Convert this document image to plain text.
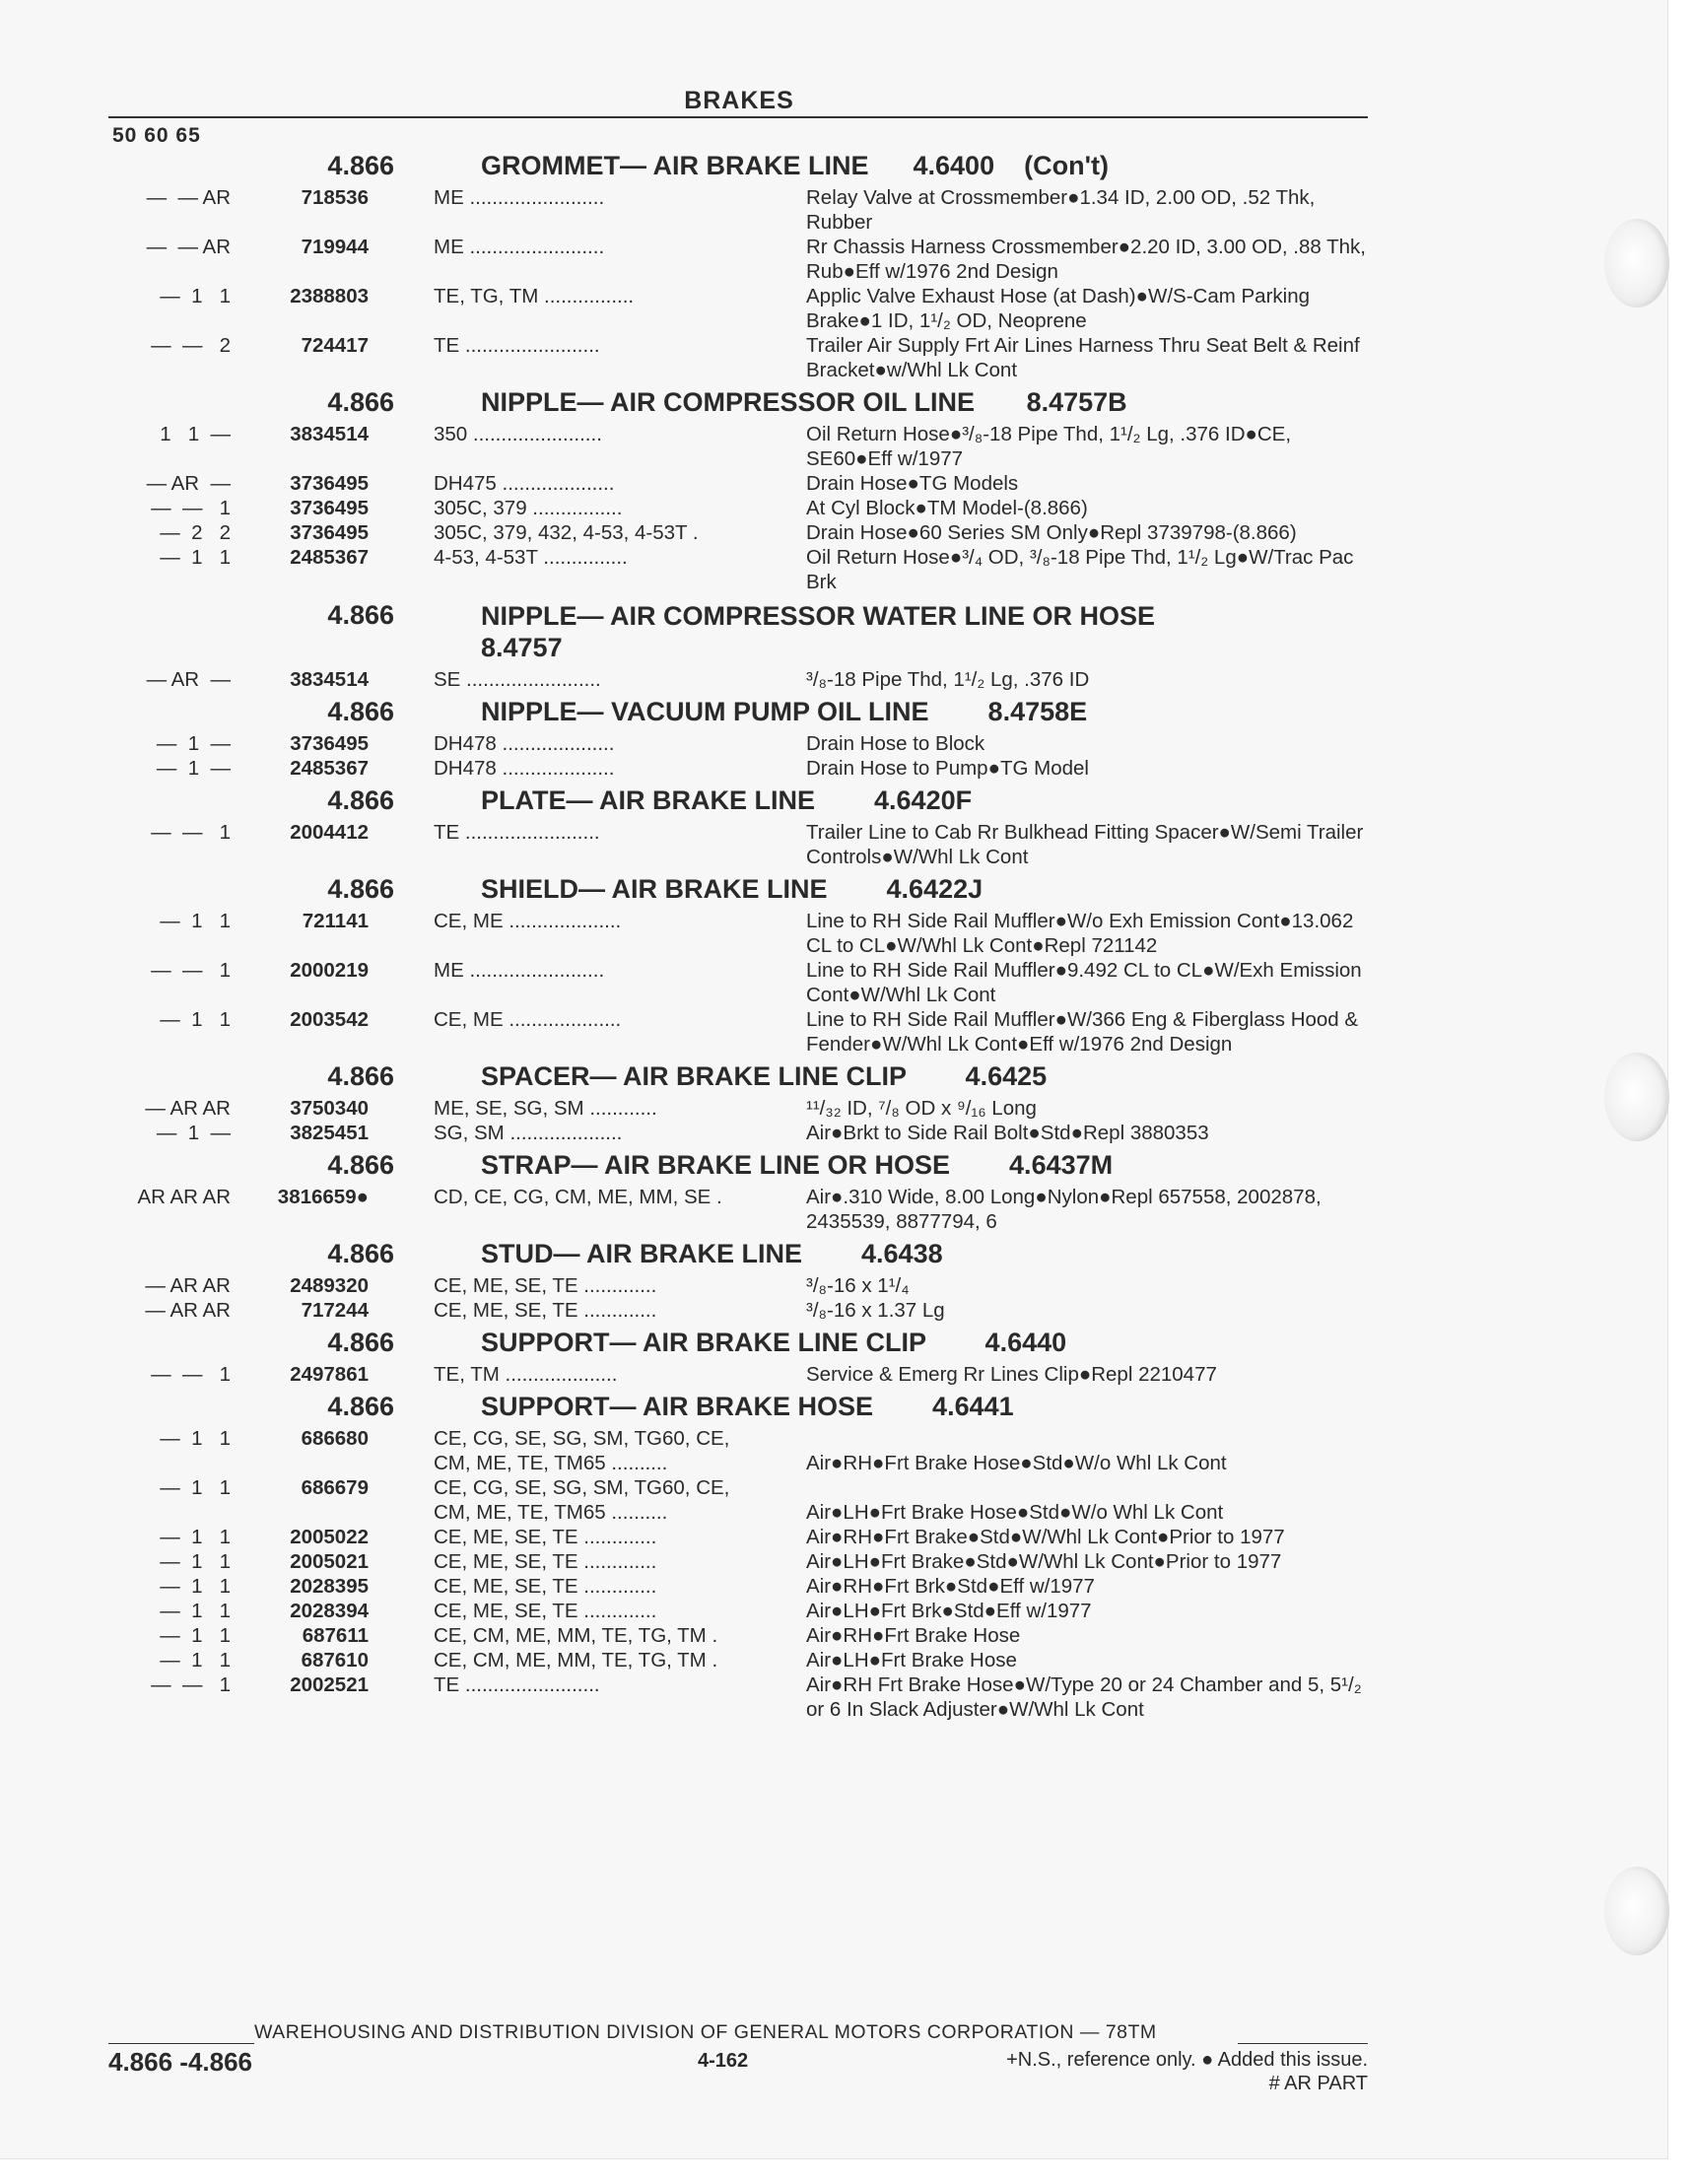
BRAKES
50 60 65
4.866	GROMMET— AIR BRAKE LINE      4.6400    (Con't)
—  — AR	718536	ME ........................	Relay Valve at Crossmember●1.34 ID, 2.00 OD, .52 Thk, Rubber
—  — AR	719944	ME ........................	Rr Chassis Harness Crossmember●2.20 ID, 3.00 OD, .88 Thk, Rub●Eff w/1976 2nd Design
—  1   1	2388803	TE, TG, TM ................	Applic Valve Exhaust Hose (at Dash)●W/S-Cam Parking Brake●1 ID, 1¹/₂ OD, Neoprene
—  —   2	724417	TE ........................	Trailer Air Supply Frt Air Lines Harness Thru Seat Belt & Reinf Bracket●w/Whl Lk Cont
4.866	NIPPLE— AIR COMPRESSOR OIL LINE       8.4757B
1   1  —	3834514	350 .......................	Oil Return Hose●³/₈-18 Pipe Thd, 1¹/₂ Lg, .376 ID●CE, SE60●Eff w/1977
— AR  —	3736495	DH475 ....................	Drain Hose●TG Models
—  —   1	3736495	305C, 379 ................	At Cyl Block●TM Model-(8.866)
—  2   2	3736495	305C, 379, 432, 4-53, 4-53T .	Drain Hose●60 Series SM Only●Repl 3739798-(8.866)
—  1   1	2485367	4-53, 4-53T ...............	Oil Return Hose●³/₄ OD, ³/₈-18 Pipe Thd, 1¹/₂ Lg●W/Trac Pac Brk
4.866	NIPPLE— AIR COMPRESSOR WATER LINE OR HOSE 8.4757
— AR  —	3834514	SE ........................	³/₈-18 Pipe Thd, 1¹/₂ Lg, .376 ID
4.866	NIPPLE— VACUUM PUMP OIL LINE        8.4758E
—  1  —	3736495	DH478 ....................	Drain Hose to Block
—  1  —	2485367	DH478 ....................	Drain Hose to Pump●TG Model
4.866	PLATE— AIR BRAKE LINE        4.6420F
—  —   1	2004412	TE ........................	Trailer Line to Cab Rr Bulkhead Fitting Spacer●W/Semi Trailer Controls●W/Whl Lk Cont
4.866	SHIELD— AIR BRAKE LINE        4.6422J
—  1   1	721141	CE, ME ....................	Line to RH Side Rail Muffler●W/o Exh Emission Cont●13.062 CL to CL●W/Whl Lk Cont●Repl 721142
—  —   1	2000219	ME ........................	Line to RH Side Rail Muffler●9.492 CL to CL●W/Exh Emission Cont●W/Whl Lk Cont
—  1   1	2003542	CE, ME ....................	Line to RH Side Rail Muffler●W/366 Eng & Fiberglass Hood & Fender●W/Whl Lk Cont●Eff w/1976 2nd Design
4.866	SPACER— AIR BRAKE LINE CLIP        4.6425
— AR AR	3750340	ME, SE, SG, SM ............	¹¹/₃₂ ID, ⁷/₈ OD x ⁹/₁₆ Long
—  1  —	3825451	SG, SM ....................	Air●Brkt to Side Rail Bolt●Std●Repl 3880353
4.866	STRAP— AIR BRAKE LINE OR HOSE        4.6437M
AR AR AR	3816659●	CD, CE, CG, CM, ME, MM, SE .	Air●.310 Wide, 8.00 Long●Nylon●Repl 657558, 2002878, 2435539, 8877794, 6
4.866	STUD— AIR BRAKE LINE        4.6438
— AR AR	2489320	CE, ME, SE, TE .............	³/₈-16 x 1¹/₄
— AR AR	717244	CE, ME, SE, TE .............	³/₈-16 x 1.37 Lg
4.866	SUPPORT— AIR BRAKE LINE CLIP        4.6440
—  —   1	2497861	TE, TM ....................	Service & Emerg Rr Lines Clip●Repl 2210477
4.866	SUPPORT— AIR BRAKE HOSE        4.6441
—  1   1	686680	CE, CG, SE, SG, SM, TG60, CE,
CM, ME, TE, TM65 ..........	
Air●RH●Frt Brake Hose●Std●W/o Whl Lk Cont
—  1   1	686679	CE, CG, SE, SG, SM, TG60, CE,
CM, ME, TE, TM65 ..........	
Air●LH●Frt Brake Hose●Std●W/o Whl Lk Cont
—  1   1	2005022	CE, ME, SE, TE .............	Air●RH●Frt Brake●Std●W/Whl Lk Cont●Prior to 1977
—  1   1	2005021	CE, ME, SE, TE .............	Air●LH●Frt Brake●Std●W/Whl Lk Cont●Prior to 1977
—  1   1	2028395	CE, ME, SE, TE .............	Air●RH●Frt Brk●Std●Eff w/1977
—  1   1	2028394	CE, ME, SE, TE .............	Air●LH●Frt Brk●Std●Eff w/1977
—  1   1	687611	CE, CM, ME, MM, TE, TG, TM .	Air●RH●Frt Brake Hose
—  1   1	687610	CE, CM, ME, MM, TE, TG, TM .	Air●LH●Frt Brake Hose
—  —   1	2002521	TE ........................	Air●RH Frt Brake Hose●W/Type 20 or 24 Chamber and 5, 5¹/₂ or 6 In Slack Adjuster●W/Whl Lk Cont
WAREHOUSING AND DISTRIBUTION DIVISION OF GENERAL MOTORS CORPORATION — 78TM
4.866 -4.866	4-162	+N.S., reference only. ● Added this issue.
# AR PART
